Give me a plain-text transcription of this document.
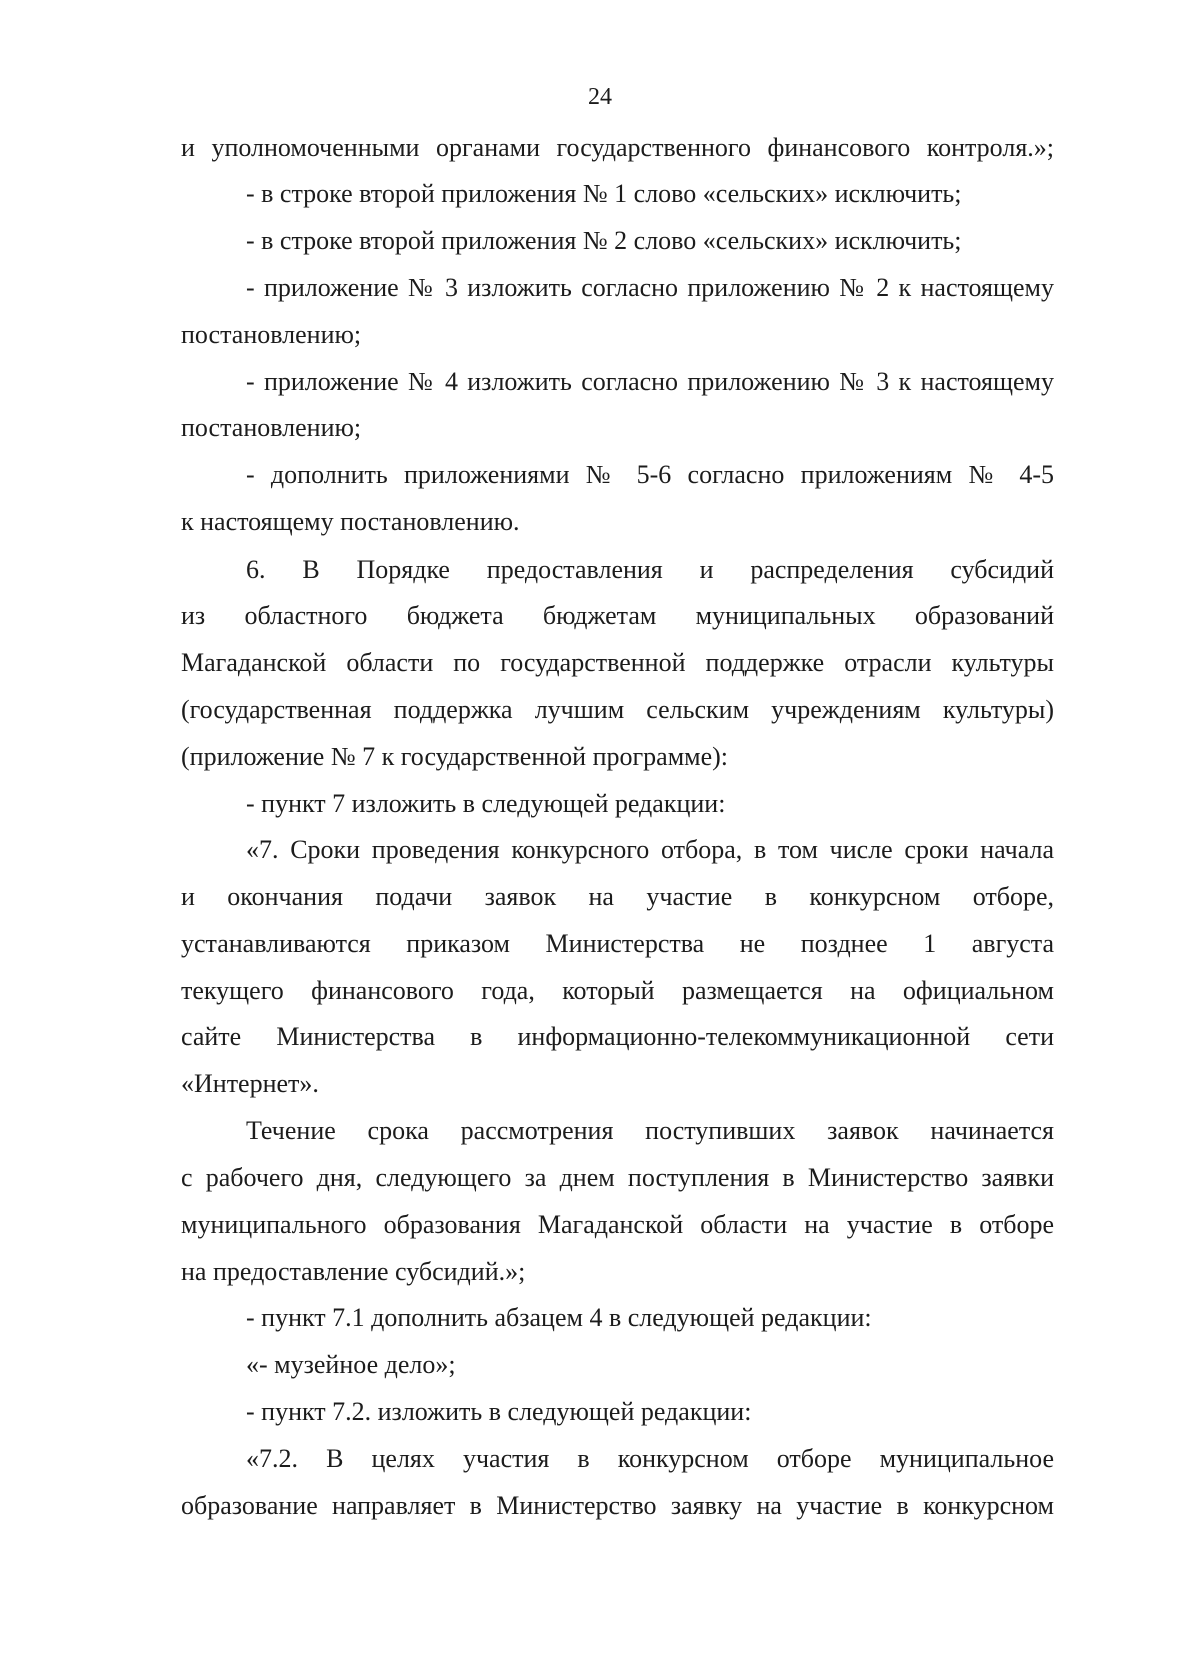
24
и уполномоченными органами государственного финансового контроля.»;
- в строке второй приложения № 1 слово «сельских» исключить;
- в строке второй приложения № 2 слово «сельских» исключить;
- приложение № 3 изложить согласно приложению № 2 к настоящему
постановлению;
- приложение № 4 изложить согласно приложению № 3 к настоящему
постановлению;
- дополнить приложениями № 5-6 согласно приложениям № 4-5
к настоящему постановлению.
6. В Порядке предоставления и распределения субсидий
из областного бюджета бюджетам муниципальных образований
Магаданской области по государственной поддержке отрасли культуры
(государственная поддержка лучшим сельским учреждениям культуры)
(приложение № 7 к государственной программе):
- пункт 7 изложить в следующей редакции:
«7. Сроки проведения конкурсного отбора, в том числе сроки начала
и окончания подачи заявок на участие в конкурсном отборе,
устанавливаются приказом Министерства не позднее 1 августа
текущего финансового года, который размещается на официальном
сайте Министерства в информационно-телекоммуникационной сети
«Интернет».
Течение срока рассмотрения поступивших заявок начинается
с рабочего дня, следующего за днем поступления в Министерство заявки
муниципального образования Магаданской области на участие в отборе
на предоставление субсидий.»;
- пункт 7.1 дополнить абзацем 4 в следующей редакции:
«- музейное дело»;
- пункт 7.2. изложить в следующей редакции:
«7.2. В целях участия в конкурсном отборе муниципальное
образование направляет в Министерство заявку на участие в конкурсном
